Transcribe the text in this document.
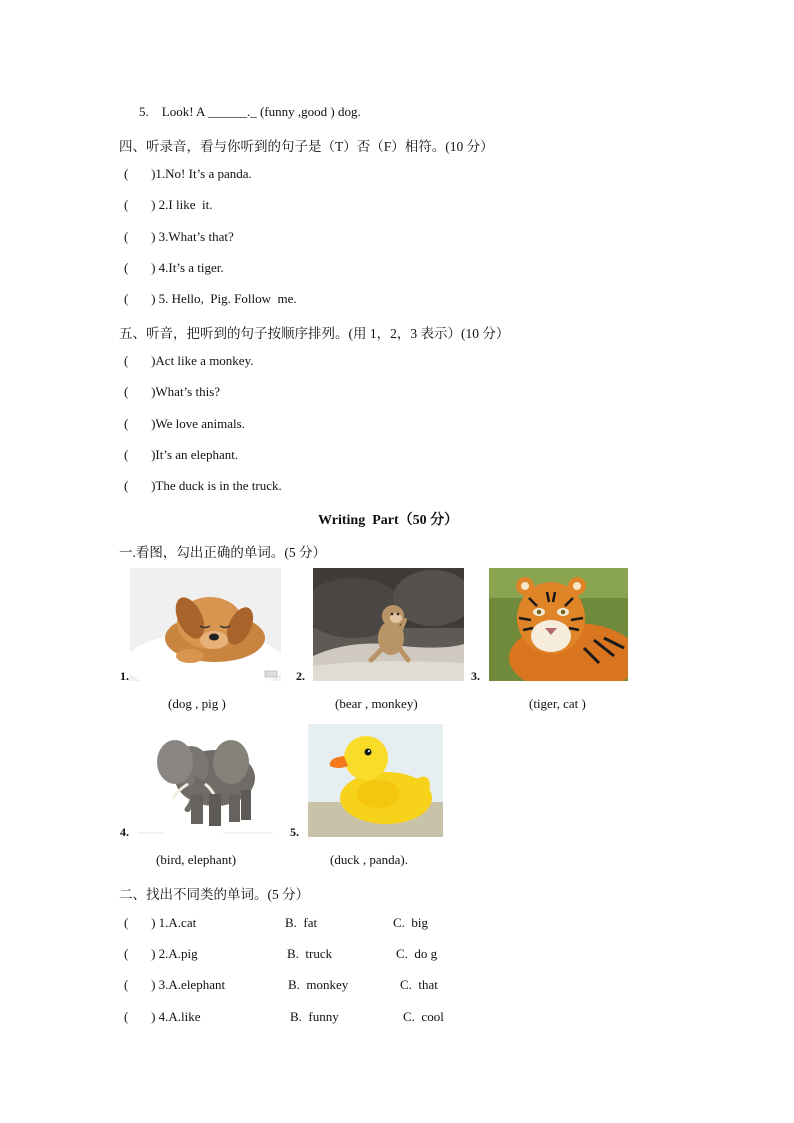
5.    Look! A ______._ (funny ,good ) dog.
四、听录音，看与你听到的句子是（T）否（F）相符。(10 分）
(       )1.No! It’s a panda.
(       ) 2.I like  it.
(       ) 3.What’s that?
(       ) 4.It’s a tiger.
(       ) 5. Hello,  Pig. Follow  me.
五、听音，把听到的句子按顺序排列。(用 1，2，3 表示）(10 分）
(       )Act like a monkey.
(       )What’s this?
(       )We love animals.
(       )It’s an elephant.
(       )The duck is in the truck.
Writing  Part（50 分）
一.看图，勾出正确的单词。(5 分）
1.
(dog , pig )
2.
(bear , monkey)
3.
(tiger, cat )
4.
(bird, elephant)
5.
(duck , panda).
二、找出不同类的单词。(5 分）
(       ) 1.A.cat	B.  fat	C.  big
(       ) 2.A.pig	B.  truck	C.  do g
(       ) 3.A.elephant	B.  monkey	C.  that
(       ) 4.A.like	B.  funny	C.  cool
